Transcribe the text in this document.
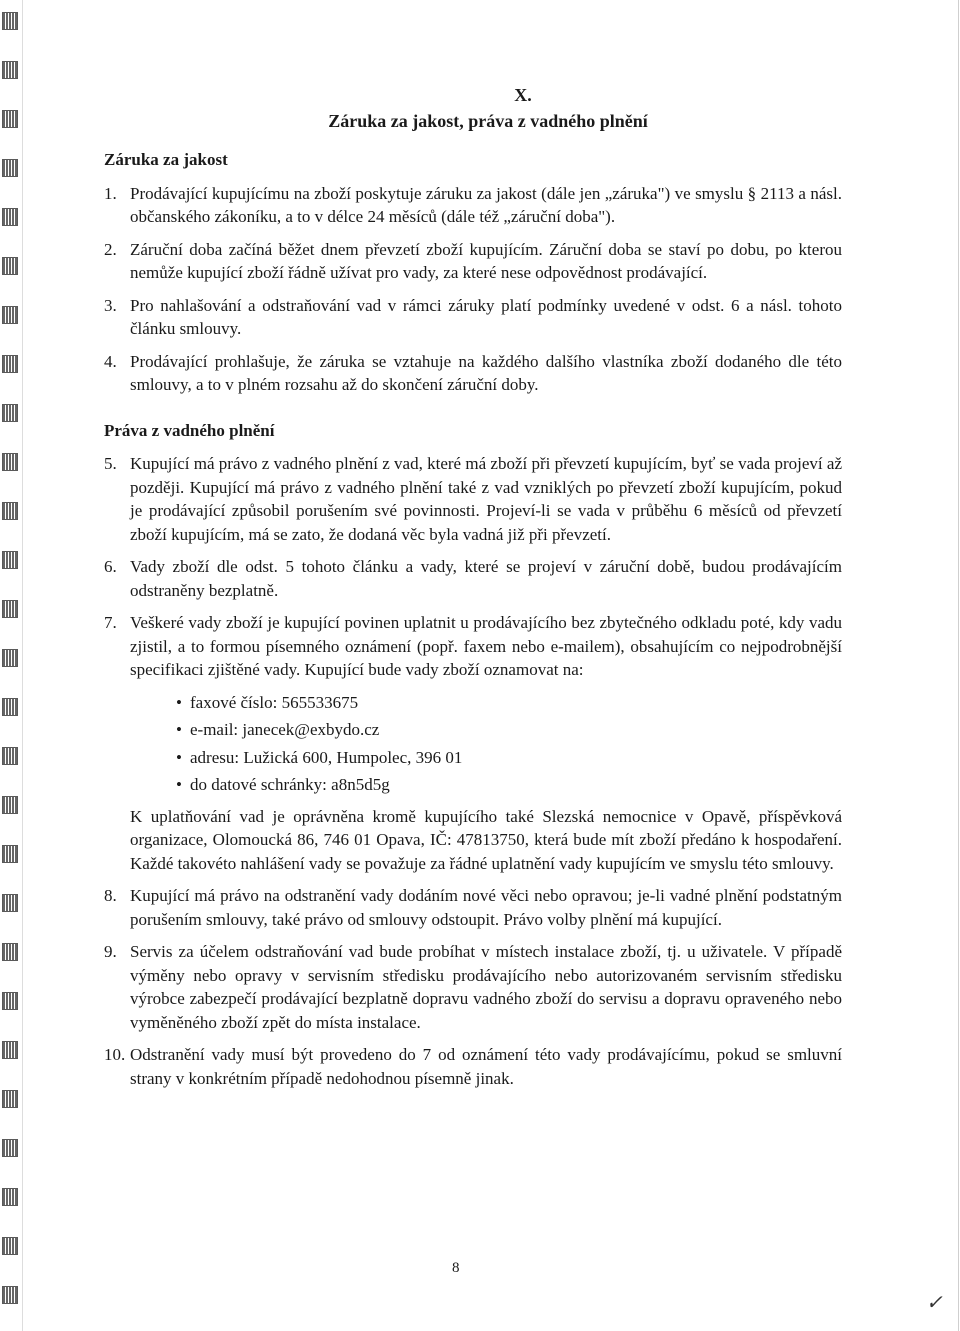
X.
Záruka za jakost, práva z vadného plnění
Záruka za jakost
1. Prodávající kupujícímu na zboží poskytuje záruku za jakost (dále jen „záruka") ve smyslu § 2113 a násl. občanského zákoníku, a to v délce 24 měsíců (dále též „záruční doba").
2. Záruční doba začíná běžet dnem převzetí zboží kupujícím. Záruční doba se staví po dobu, po kterou nemůže kupující zboží řádně užívat pro vady, za které nese odpovědnost prodávající.
3. Pro nahlašování a odstraňování vad v rámci záruky platí podmínky uvedené v odst. 6 a násl. tohoto článku smlouvy.
4. Prodávající prohlašuje, že záruka se vztahuje na každého dalšího vlastníka zboží dodaného dle této smlouvy, a to v plném rozsahu až do skončení záruční doby.
Práva z vadného plnění
5. Kupující má právo z vadného plnění z vad, které má zboží při převzetí kupujícím, byť se vada projeví až později. Kupující má právo z vadného plnění také z vad vzniklých po převzetí zboží kupujícím, pokud je prodávající způsobil porušením své povinnosti. Projeví-li se vada v průběhu 6 měsíců od převzetí zboží kupujícím, má se zato, že dodaná věc byla vadná již při převzetí.
6. Vady zboží dle odst. 5 tohoto článku a vady, které se projeví v záruční době, budou prodávajícím odstraněny bezplatně.
7. Veškeré vady zboží je kupující povinen uplatnit u prodávajícího bez zbytečného odkladu poté, kdy vadu zjistil, a to formou písemného oznámení (popř. faxem nebo e-mailem), obsahujícím co nejpodrobnější specifikaci zjištěné vady. Kupující bude vady zboží oznamovat na:
• faxové číslo: 565533675
• e-mail: janecek@exbydo.cz
• adresu: Lužická 600, Humpolec, 396 01
• do datové schránky: a8n5d5g
K uplatňování vad je oprávněna kromě kupujícího také Slezská nemocnice v Opavě, příspěvková organizace, Olomoucká 86, 746 01 Opava, IČ: 47813750, která bude mít zboží předáno k hospodaření. Každé takovéto nahlášení vady se považuje za řádné uplatnění vady kupujícím ve smyslu této smlouvy.
8. Kupující má právo na odstranění vady dodáním nové věci nebo opravou; je-li vadné plnění podstatným porušením smlouvy, také právo od smlouvy odstoupit. Právo volby plnění má kupující.
9. Servis za účelem odstraňování vad bude probíhat v místech instalace zboží, tj. u uživatele. V případě výměny nebo opravy v servisním středisku prodávajícího nebo autorizovaném servisním středisku výrobce zabezpečí prodávající bezplatně dopravu vadného zboží do servisu a dopravu opraveného nebo vyměněného zboží zpět do místa instalace.
10. Odstranění vady musí být provedeno do 7 od oznámení této vady prodávajícímu, pokud se smluvní strany v konkrétním případě nedohodnou písemně jinak.
8
✓
